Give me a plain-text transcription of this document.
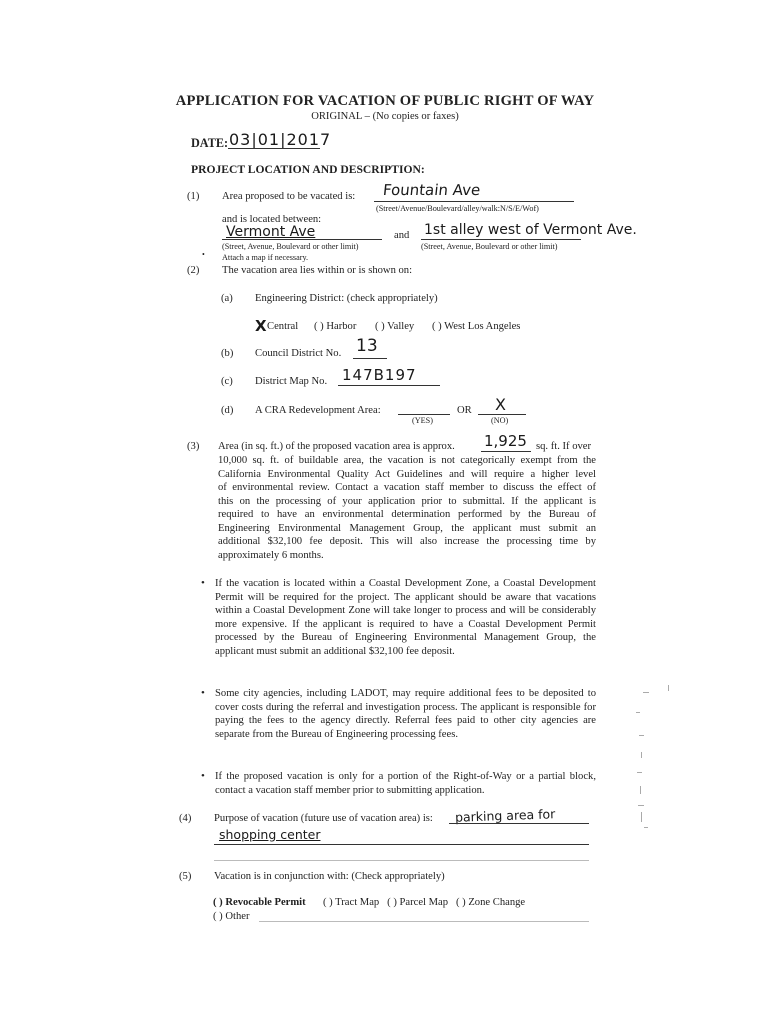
APPLICATION FOR VACATION OF PUBLIC RIGHT OF WAY
ORIGINAL – (No copies or faxes)
DATE: 03|01|2017
PROJECT LOCATION AND DESCRIPTION:
(1) Area proposed to be vacated is: Fountain Ave
(Street/Avenue/Boulevard/alley/walk:N/S/E/Wof)
and is located between:
Vermont Ave	and 1st alley west of Vermont Ave.
(Street, Avenue, Boulevard or other limit)	(Street, Avenue, Boulevard or other limit)
• Attach a map if necessary.
(2) The vacation area lies within or is shown on:
(a) Engineering District: (check appropriately)
X Central ( ) Harbor ( ) Valley ( ) West Los Angeles
(b) Council District No. 13
(c) District Map No. 147B197
(d) A CRA Redevelopment Area:	OR X
(YES)	(NO)
(3) Area (in sq. ft.) of the proposed vacation area is approx. 1,925 sq. ft. If over
10,000 sq. ft. of buildable area, the vacation is not categorically exempt from the
California Environmental Quality Act Guidelines and will require a higher level
of environmental review. Contact a vacation staff member to discuss the effect of
this on the processing of your application prior to submittal. If the applicant is
required to have an environmental determination performed by the Bureau of
Engineering Environmental Management Group, the applicant must submit an
additional $32,100 fee deposit. This will also increase the processing time by
approximately 6 months.
• If the vacation is located within a Coastal Development Zone, a Coastal Development Permit will be required for the project. The applicant should be aware that vacations within a Coastal Development Zone will take longer to process and will be considerably more expensive. If the applicant is required to have a Coastal Development Permit processed by the Bureau of Engineering Environmental Management Group, the applicant must submit an additional $32,100 fee deposit.
• Some city agencies, including LADOT, may require additional fees to be deposited to cover costs during the referral and investigation process. The applicant is responsible for paying the fees to the agency directly. Referral fees paid to other city agencies are separate from the Bureau of Engineering processing fees.
• If the proposed vacation is only for a portion of the Right-of-Way or a partial block, contact a vacation staff member prior to submitting application.
(4) Purpose of vacation (future use of vacation area) is: parking area for
shopping center
(5) Vacation is in conjunction with: (Check appropriately)
( ) Revocable Permit ( ) Tract Map   ( ) Parcel Map   ( ) Zone Change
( ) Other
